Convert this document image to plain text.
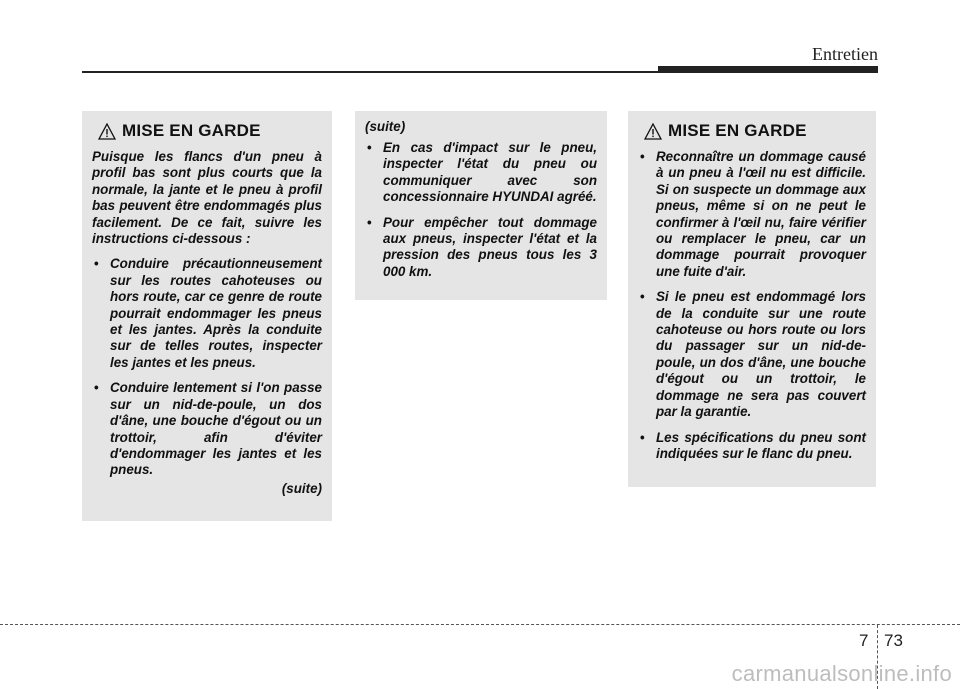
Entretien
MISE EN GARDE

Puisque les flancs d'un pneu à profil bas sont plus courts que la normale, la jante et le pneu à profil bas peuvent être endommagés plus facilement. De ce fait, suivre les instructions ci-dessous :

• Conduire précautionneusement sur les routes cahoteuses ou hors route, car ce genre de route pourrait endommager les pneus et les jantes. Après la conduite sur de telles routes, inspecter les jantes et les pneus.

• Conduire lentement si l'on passe sur un nid-de-poule, un dos d'âne, une bouche d'égout ou un trottoir, afin d'éviter d'endommager les jantes et les pneus.

(suite)
(suite)

• En cas d'impact sur le pneu, inspecter l'état du pneu ou communiquer avec son concessionnaire HYUNDAI agréé.

• Pour empêcher tout dommage aux pneus, inspecter l'état et la pression des pneus tous les 3 000 km.

MISE EN GARDE

• Reconnaître un dommage causé à un pneu à l'œil nu est difficile. Si on suspecte un dommage aux pneus, même si on ne peut le confirmer à l'œil nu, faire vérifier ou remplacer le pneu, car un dommage pourrait provoquer une fuite d'air.

• Si le pneu est endommagé lors de la conduite sur une route cahoteuse ou hors route ou lors du passager sur un nid-de-poule, un dos d'âne, une bouche d'égout ou un trottoir, le dommage ne sera pas couvert par la garantie.

• Les spécifications du pneu sont indiquées sur le flanc du pneu.

7 73
carmanualsonline.info
